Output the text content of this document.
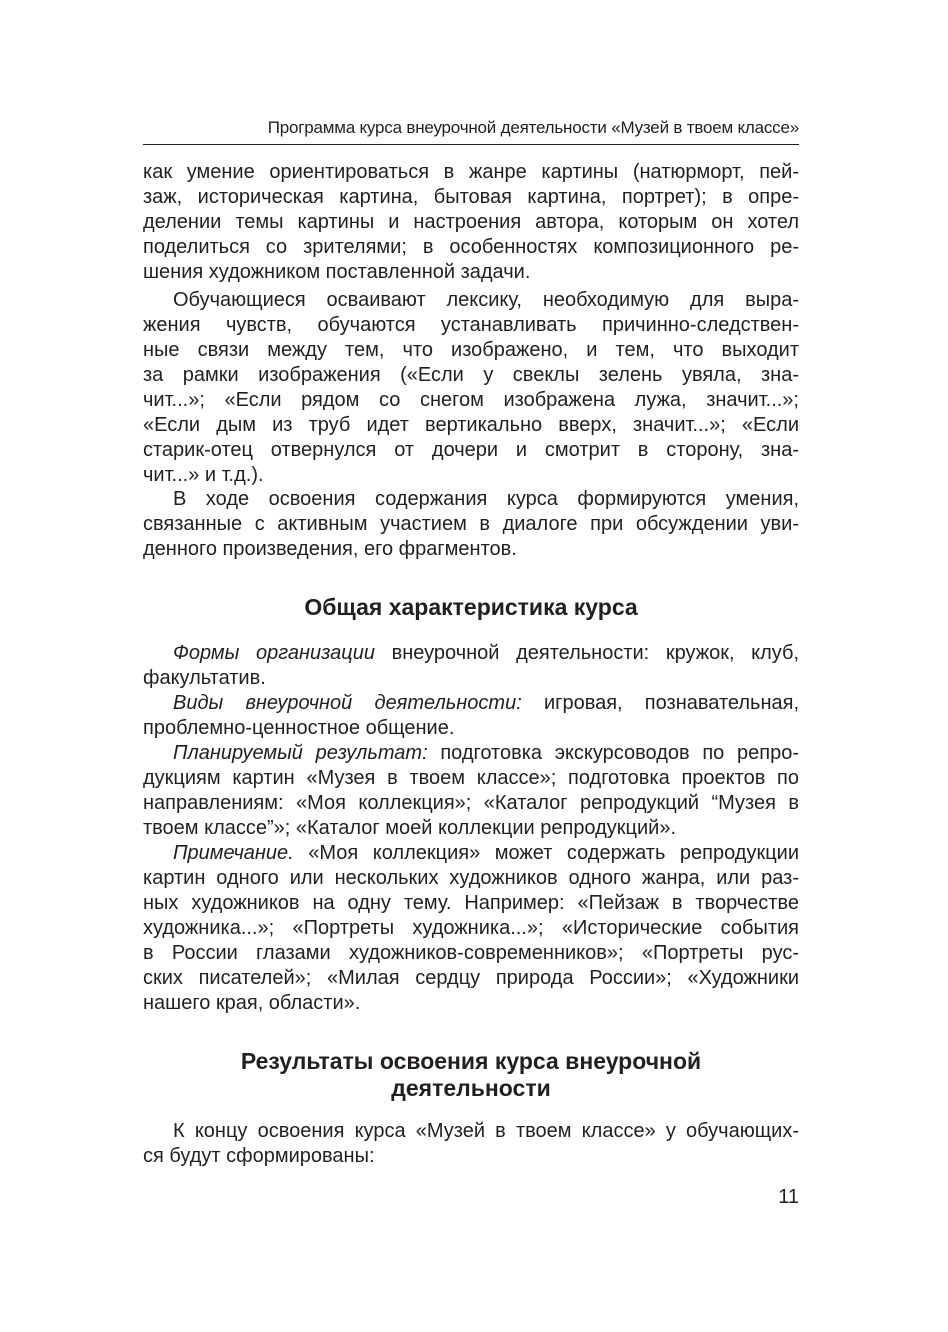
Программа курса внеурочной деятельности «Музей в твоем классе»
как умение ориентироваться в жанре картины (натюрморт, пей-
заж, историческая картина, бытовая картина, портрет); в опре-
делении темы картины и настроения автора, которым он хотел
поделиться со зрителями; в особенностях композиционного ре-
шения художником поставленной задачи.
Обучающиеся осваивают лексику, необходимую для выра-
жения чувств, обучаются устанавливать причинно-следствен-
ные связи между тем, что изображено, и тем, что выходит
за рамки изображения («Если у свеклы зелень увяла, зна-
чит...»; «Если рядом со снегом изображена лужа, значит...»;
«Если дым из труб идет вертикально вверх, значит...»; «Если
старик-отец отвернулся от дочери и смотрит в сторону, зна-
чит...» и т.д.).
В ходе освоения содержания курса формируются умения,
связанные с активным участием в диалоге при обсуждении уви-
денного произведения, его фрагментов.
Общая характеристика курса
Формы организации внеурочной деятельности: кружок, клуб,
факультатив.
Виды внеурочной деятельности: игровая, познавательная,
проблемно-ценностное общение.
Планируемый результат: подготовка экскурсоводов по репро-
дукциям картин «Музея в твоем классе»; подготовка проектов по
направлениям: «Моя коллекция»; «Каталог репродукций “Музея в
твоем классе”»; «Каталог моей коллекции репродукций».
Примечание. «Моя коллекция» может содержать репродукции
картин одного или нескольких художников одного жанра, или раз-
ных художников на одну тему. Например: «Пейзаж в творчестве
художника...»; «Портреты художника...»; «Исторические события
в России глазами художников-современников»; «Портреты рус-
ских писателей»; «Милая сердцу природа России»; «Художники
нашего края, области».
Результаты освоения курса внеурочной
деятельности
К концу освоения курса «Музей в твоем классе» у обучающих-
ся будут сформированы:
11
